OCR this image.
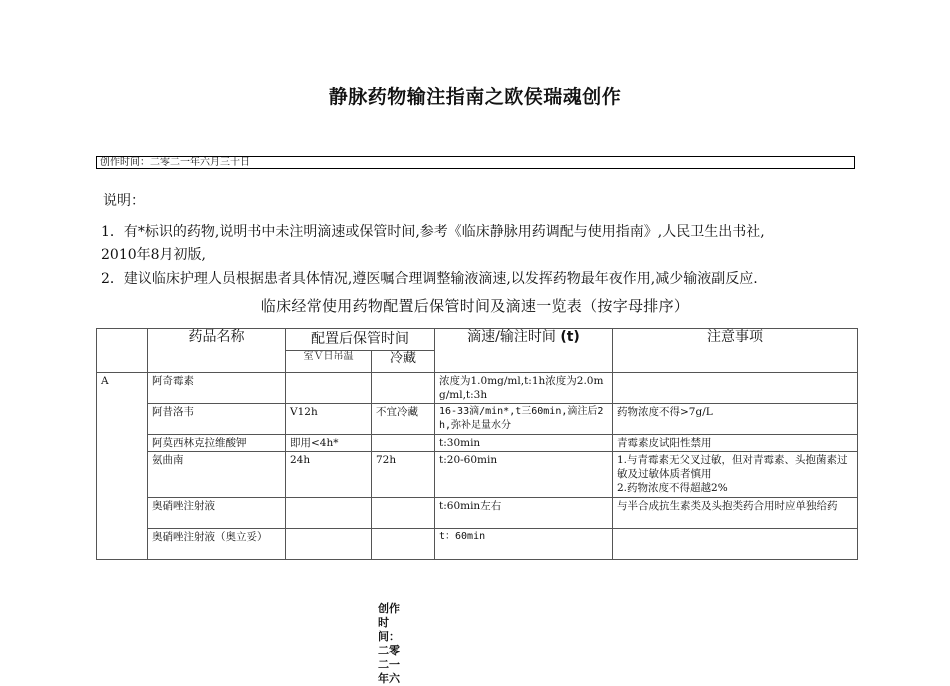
静脉药物输注指南之欧侯瑞魂创作
创作时间：二零二一年六月三十日
说明：
1．有*标识的药物,说明书中未注明滴速或保管时间,参考《临床静脉用药调配与使用指南》,人民卫生出书社,
2010年8月初版,
2．建议临床护理人员根据患者具体情况,遵医嘱合理调整输液滴速,以发挥药物最年夜作用,减少输液副反应.
临床经常使用药物配置后保管时间及滴速一览表（按字母排序）
	药品名称	配置后保管时间		滴速/输注时间 (t)	注意事项
		室Ｖ日吊温	冷藏		
A	阿奇霉素			浓度为1.0mg/ml,t:1h浓度为2.0mg/ml,t:3h	
	阿昔洛韦	V12h	不宜冷藏	16-33滴/min*,t三60min,滴注后2h,弥补足量水分	药物浓度不得>7g/L
	阿莫西林克拉维酸钾	即用<4h*		t:30min	青霉素皮试阳性禁用
	氨曲南	24h	72h	t:20-60min	1.与青霉素无父叉过敏，但对青霉素、头抱菌素过敏及过敏体质者慎用
2.药物浓度不得超越2%

	奥硝唑注射液			t:60min左右	与半合成抗生素类及头抱类药合用时应单独给药
	奥硝唑注射液（奥立妥）			t：60min	
创作时间：二零二一年六
